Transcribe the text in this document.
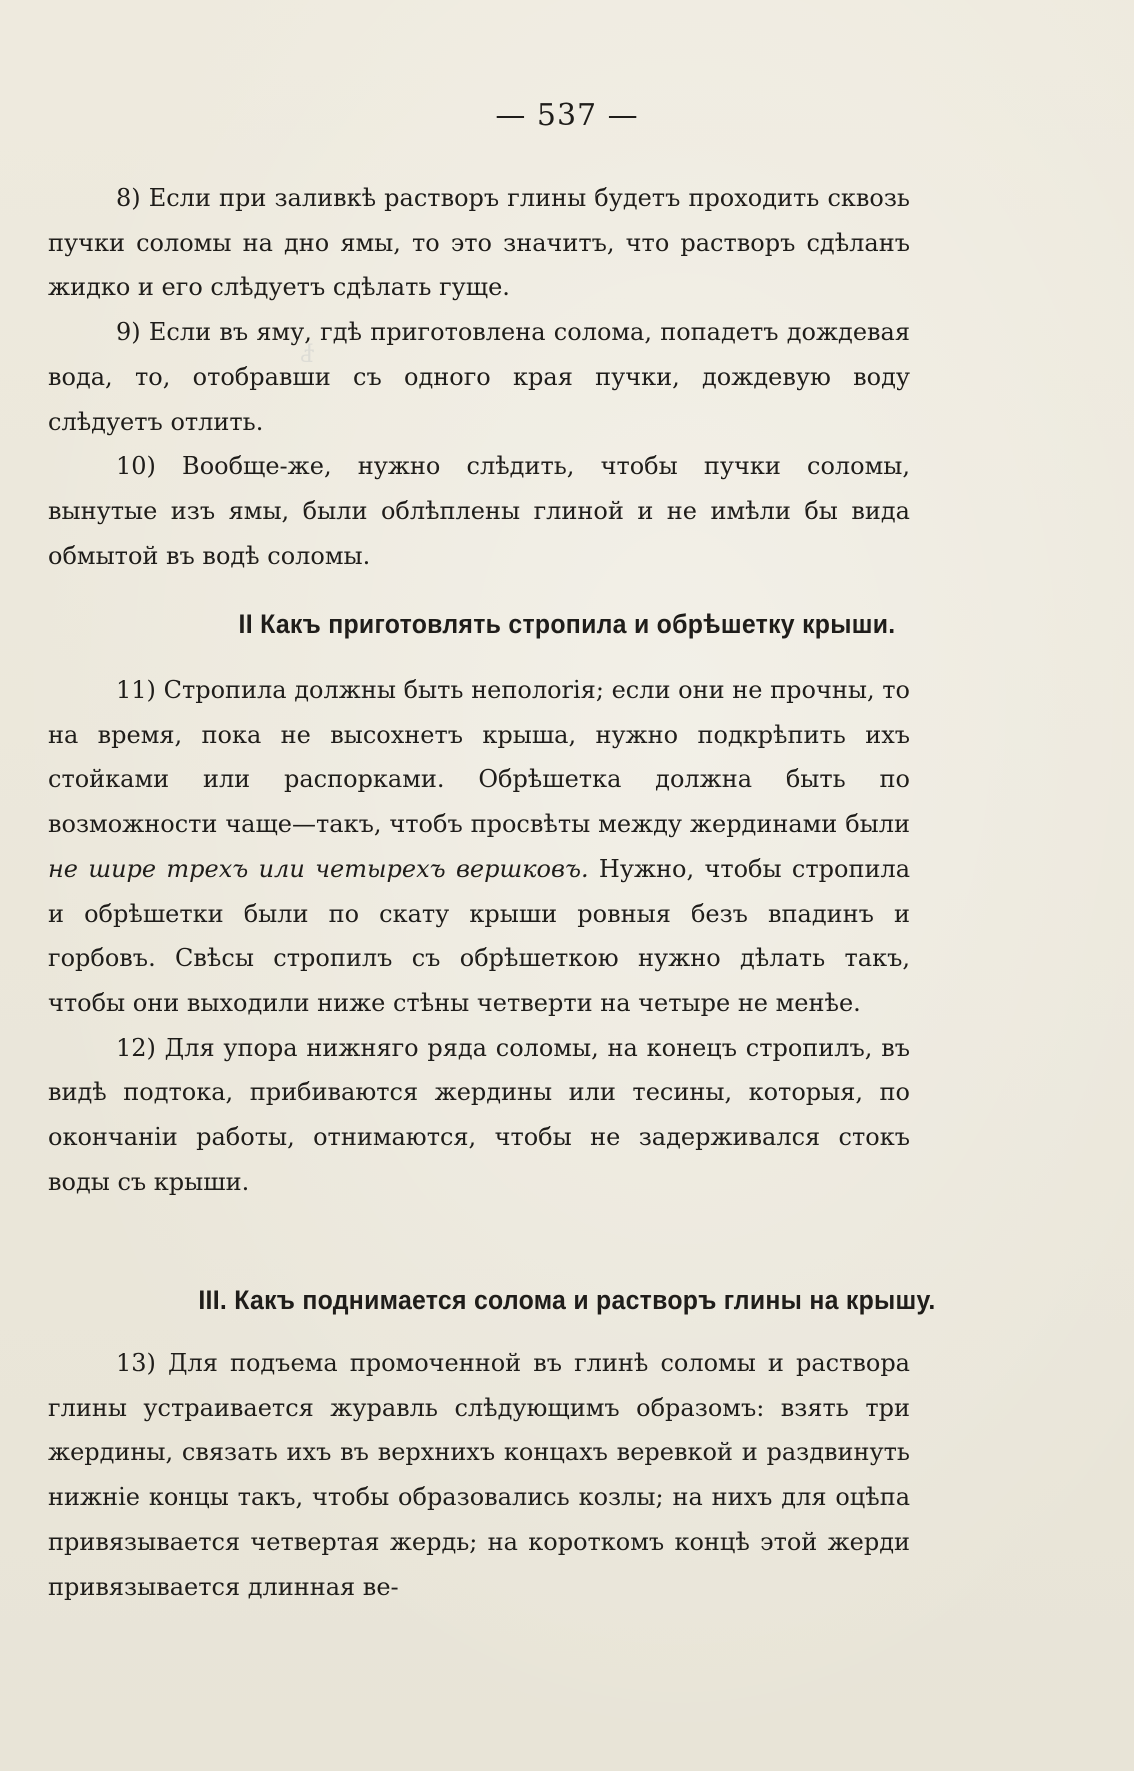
ѣ
— 537 —

8) Если при заливкѣ растворъ глины будетъ проходить сквозь пучки соломы на дно ямы, то это значитъ, что растворъ сдѣланъ жидко и его слѣдуетъ сдѣлать гуще.

9) Если въ яму, гдѣ приготовлена солома, попадетъ дождевая вода, то, отобравши съ одного края пучки, дождевую воду слѣдуетъ отлить.

10) Вообще-же, нужно слѣдить, чтобы пучки соломы, вынутые изъ ямы, были облѣплены глиной и не имѣли бы вида обмытой въ водѣ соломы.

II Какъ приготовлять стропила и обрѣшетку крыши.

11) Стропила должны быть неполоriя; если они не прочны, то на время, пока не высохнетъ крыша, нужно подкрѣпить ихъ стойками или распорками. Обрѣшетка должна быть по возможности чаще—такъ, чтобъ просвѣты между жердинами были не шире трехъ или четырехъ вершковъ. Нужно, чтобы стропила и обрѣшетки были по скату крыши ровныя безъ впадинъ и горбовъ. Свѣсы стропилъ съ обрѣшеткою нужно дѣлать такъ, чтобы они выходили ниже стѣны четверти на четыре не менѣе.

12) Для упора нижняго ряда соломы, на конецъ стропилъ, въ видѣ подтока, прибиваются жердины или тесины, которыя, по окончанiи работы, отнимаются, чтобы не задерживался стокъ воды съ крыши.

III. Какъ поднимается солома и растворъ глины на крышу.

13) Для подъема промоченной въ глинѣ соломы и раствора глины устраивается журавль слѣдующимъ образомъ: взять три жердины, связать ихъ въ верхнихъ концахъ веревкой и раздвинуть нижнiе концы такъ, чтобы образовались козлы; на нихъ для оцѣпа привязывается четвертая жердь; на короткомъ концѣ этой жерди привязывается длинная ве-
